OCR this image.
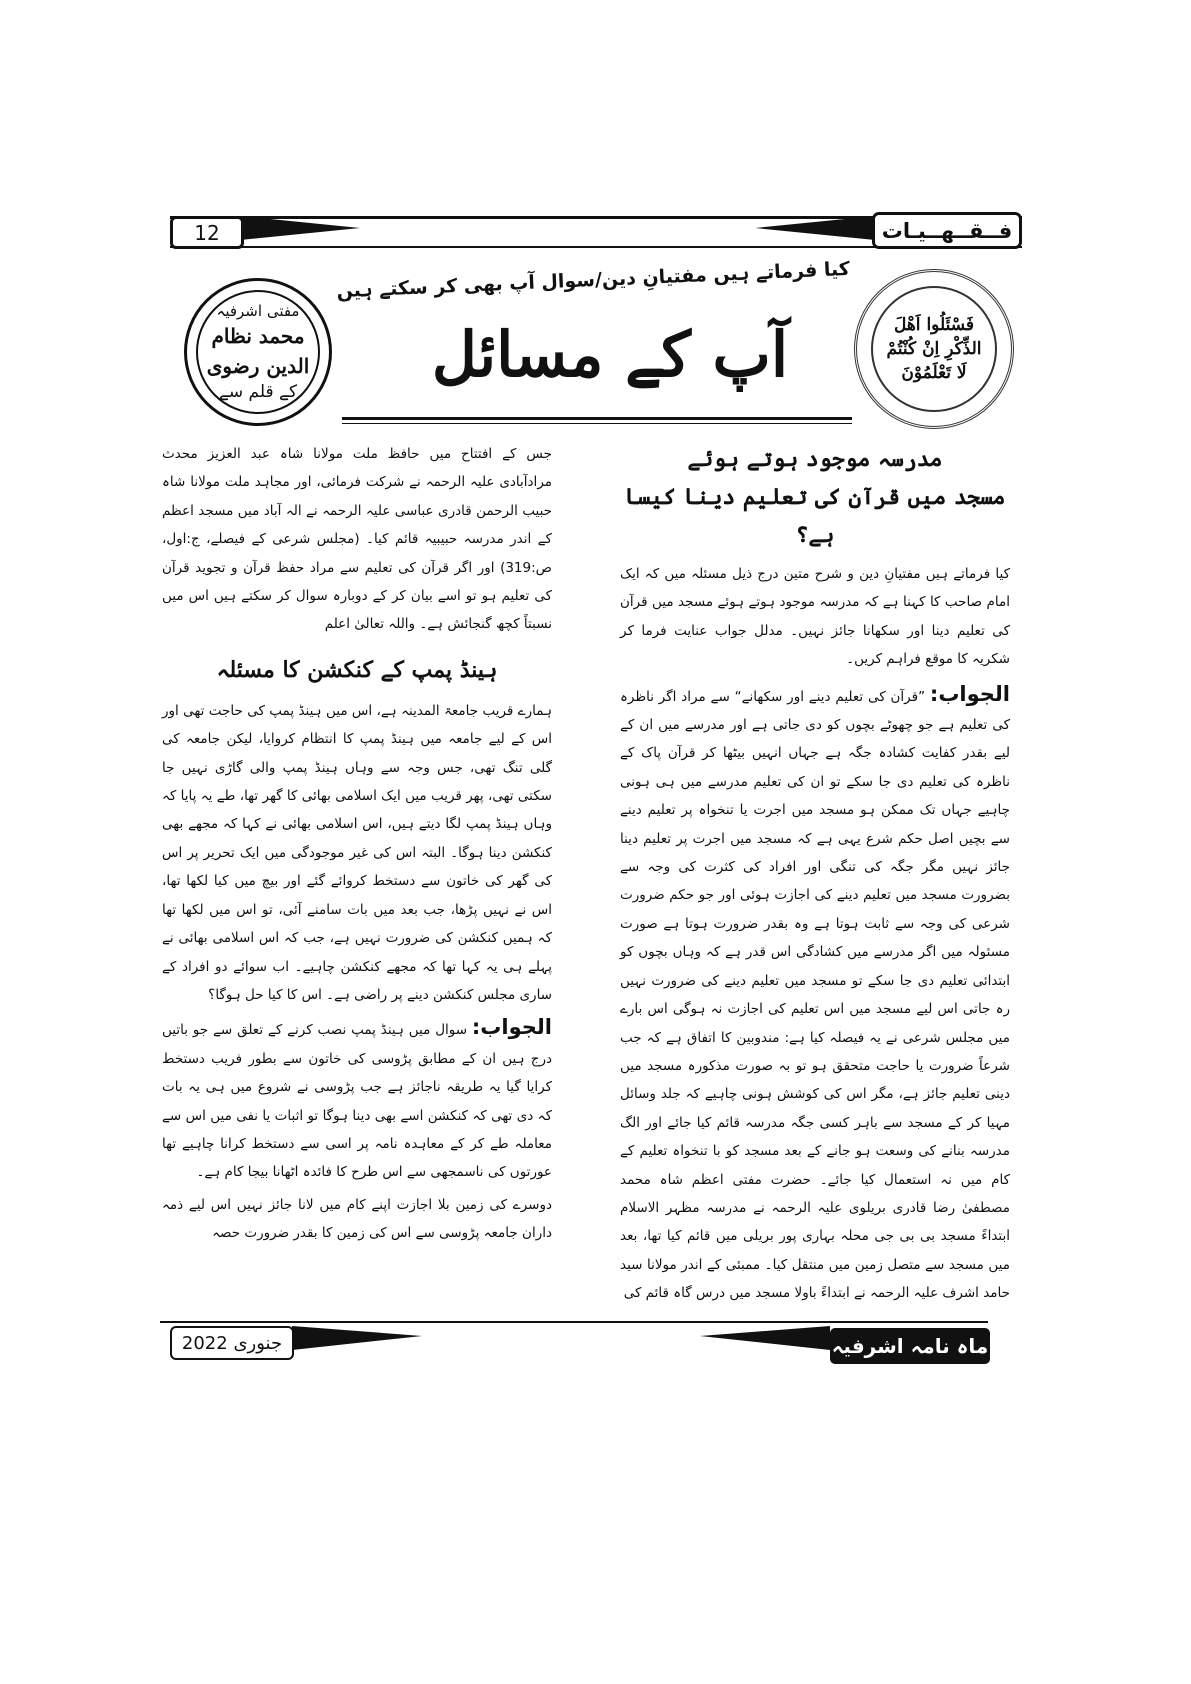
12	فــقــهــيـات
فَسْئَلُوا اَهْلَ الذِّكْرِ اِنْ كُنْتُمْ لَا تَعْلَمُوْنَ
مفتی اشرفیہ
محمد نظام الدین رضوی
کے قلم سے
کیا فرماتے ہیں مفتیانِ دین/سوال آپ بھی کر سکتے ہیں
آپ کے مسائل

مدرسہ موجود ہوتے ہوئے

مسجد میں قرآن کی تعلیم دینا کیسا ہے؟

کیا فرماتے ہیں مفتیانِ دین و شرح متین درج ذیل مسئلہ میں کہ ایک امام صاحب کا کہنا ہے کہ مدرسہ موجود ہوتے ہوئے مسجد میں قرآن کی تعلیم دینا اور سکھانا جائز نہیں۔ مدلل جواب عنایت فرما کر شکریہ کا موقع فراہم کریں۔

الجواب: ”قرآن کی تعلیم دینے اور سکھانے“ سے مراد اگر ناظرہ کی تعلیم ہے جو چھوٹے بچوں کو دی جاتی ہے اور مدرسے میں ان کے لیے بقدر کفایت کشادہ جگہ ہے جہاں انہیں بیٹھا کر قرآن پاک کے ناظرہ کی تعلیم دی جا سکے تو ان کی تعلیم مدرسے میں ہی ہونی چاہیے جہاں تک ممکن ہو مسجد میں اجرت یا تنخواہ پر تعلیم دینے سے بچیں اصل حکم شرع یہی ہے کہ مسجد میں اجرت پر تعلیم دینا جائز نہیں مگر جگہ کی تنگی اور افراد کی کثرت کی وجہ سے بضرورت مسجد میں تعلیم دینے کی اجازت ہوئی اور جو حکم ضرورت شرعی کی وجہ سے ثابت ہوتا ہے وہ بقدر ضرورت ہوتا ہے صورت مسئولہ میں اگر مدرسے میں کشادگی اس قدر ہے کہ وہاں بچوں کو ابتدائی تعلیم دی جا سکے تو مسجد میں تعلیم دینے کی ضرورت نہیں رہ جاتی اس لیے مسجد میں اس تعلیم کی اجازت نہ ہوگی اس بارے میں مجلس شرعی نے یہ فیصلہ کیا ہے: مندوبین کا اتفاق ہے کہ جب شرعاً ضرورت یا حاجت متحقق ہو تو بہ صورت مذکورہ مسجد میں دینی تعلیم جائز ہے، مگر اس کی کوشش ہونی چاہیے کہ جلد وسائل مہیا کر کے مسجد سے باہر کسی جگہ مدرسہ قائم کیا جائے اور الگ مدرسہ بنانے کی وسعت ہو جانے کے بعد مسجد کو با تنخواہ تعلیم کے کام میں نہ استعمال کیا جائے۔ حضرت مفتی اعظم شاہ محمد مصطفیٰ رضا قادری بریلوی علیہ الرحمہ نے مدرسہ مظہر الاسلام ابتداءً مسجد بی بی جی محلہ بہاری پور بریلی میں قائم کیا تھا، بعد میں مسجد سے متصل زمین میں منتقل کیا۔ ممبئی کے اندر مولانا سید حامد اشرف علیہ الرحمہ نے ابتداءً باولا مسجد میں درس گاہ قائم کی

جس کے افتتاح میں حافظ ملت مولانا شاہ عبد العزیز محدث مرادآبادی علیہ الرحمہ نے شرکت فرمائی، اور مجاہد ملت مولانا شاہ حبیب الرحمن قادری عباسی علیہ الرحمہ نے الہ آباد میں مسجد اعظم کے اندر مدرسہ حبیبیہ قائم کیا۔ (مجلس شرعی کے فیصلے، ج:اول، ص:319) اور اگر قرآن کی تعلیم سے مراد حفظ قرآن و تجوید قرآن کی تعلیم ہو تو اسے بیان کر کے دوبارہ سوال کر سکتے ہیں اس میں نسبتاً کچھ گنجائش ہے۔ واللہ تعالیٰ اعلم

ہینڈ پمپ کے کنکشن کا مسئلہ

ہمارے قریب جامعۃ المدینہ ہے، اس میں ہینڈ پمپ کی حاجت تھی اور اس کے لیے جامعہ میں ہینڈ پمپ کا انتظام کروایا، لیکن جامعہ کی گلی تنگ تھی، جس وجہ سے وہاں ہینڈ پمپ والی گاڑی نہیں جا سکتی تھی، پھر قریب میں ایک اسلامی بھائی کا گھر تھا، طے یہ پایا کہ وہاں ہینڈ پمپ لگا دیتے ہیں، اس اسلامی بھائی نے کہا کہ مجھے بھی کنکشن دینا ہوگا۔ البتہ اس کی غیر موجودگی میں ایک تحریر پر اس کی گھر کی خاتون سے دستخط کروائے گئے اور بیچ میں کیا لکھا تھا، اس نے نہیں پڑھا، جب بعد میں بات سامنے آئی، تو اس میں لکھا تھا کہ ہمیں کنکشن کی ضرورت نہیں ہے، جب کہ اس اسلامی بھائی نے پہلے ہی یہ کہا تھا کہ مجھے کنکشن چاہیے۔ اب سوائے دو افراد کے ساری مجلس کنکشن دینے پر راضی ہے۔ اس کا کیا حل ہوگا؟

الجواب: سوال میں ہینڈ پمپ نصب کرنے کے تعلق سے جو باتیں درج ہیں ان کے مطابق پڑوسی کی خاتون سے بطور فریب دستخط کرایا گیا یہ طریقہ ناجائز ہے جب پڑوسی نے شروع میں ہی یہ بات کہ دی تھی کہ کنکشن اسے بھی دینا ہوگا تو اثبات یا نفی میں اس سے معاملہ طے کر کے معاہدہ نامہ پر اسی سے دستخط کرانا چاہیے تھا عورتوں کی ناسمجھی سے اس طرح کا فائدہ اٹھانا بیجا کام ہے۔

دوسرے کی زمین بلا اجازت اپنے کام میں لانا جائز نہیں اس لیے ذمہ داران جامعہ پڑوسی سے اس کی زمین کا بقدر ضرورت حصہ

جنوری 2022	ماہ نامہ اشرفیہ
